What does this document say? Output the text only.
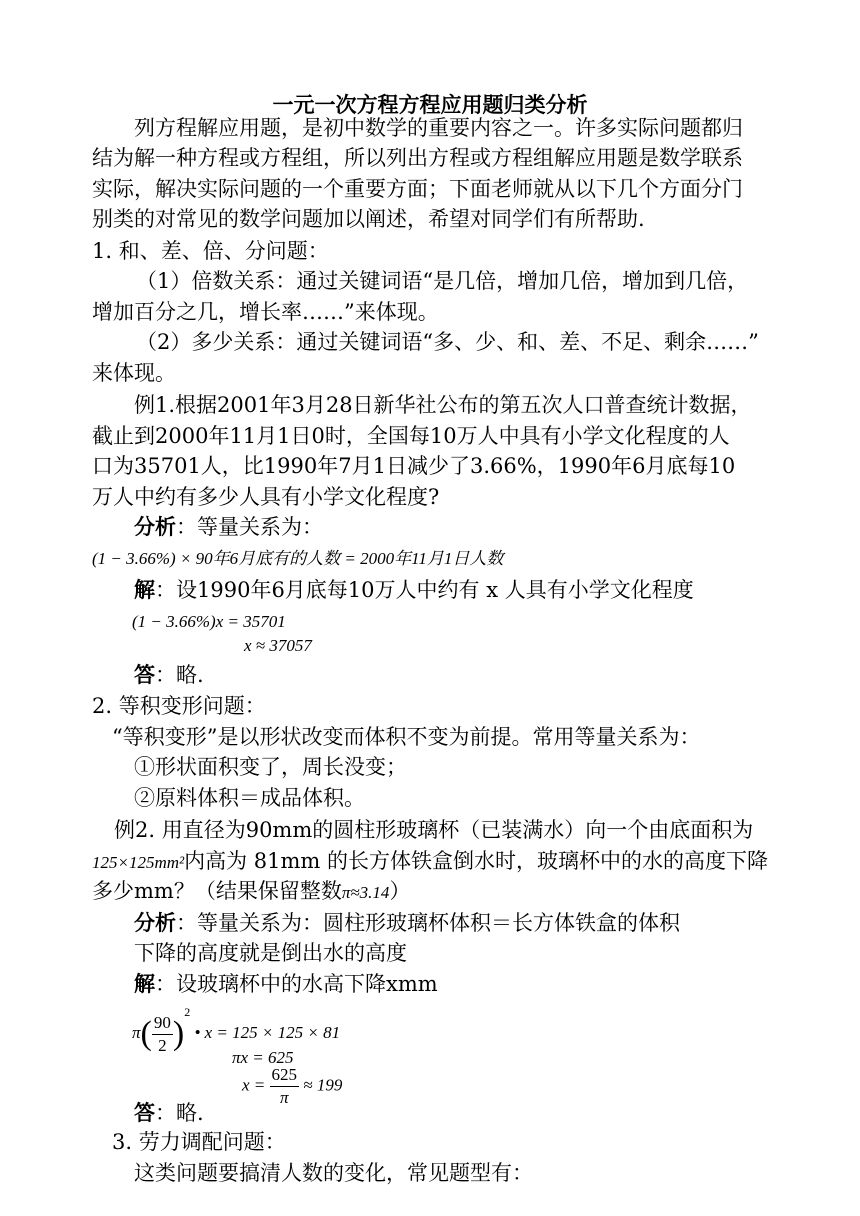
一元一次方程方程应用题归类分析
列方程解应用题，是初中数学的重要内容之一。许多实际问题都归
结为解一种方程或方程组，所以列出方程或方程组解应用题是数学联系
实际，解决实际问题的一个重要方面；下面老师就从以下几个方面分门
别类的对常见的数学问题加以阐述，希望对同学们有所帮助.
1. 和、差、倍、分问题：
（1）倍数关系：通过关键词语“是几倍，增加几倍，增加到几倍，
增加百分之几，增长率……”来体现。
（2）多少关系：通过关键词语“多、少、和、差、不足、剩余……”
来体现。
例1.根据2001年3月28日新华社公布的第五次人口普查统计数据，
截止到2000年11月1日0时，全国每10万人中具有小学文化程度的人
口为35701人，比1990年7月1日减少了3.66%，1990年6月底每10
万人中约有多少人具有小学文化程度?
分析：等量关系为：
(1 − 3.66%) × 90年6月底有的人数 = 2000年11月1日人数
解：设1990年6月底每10万人中约有 x 人具有小学文化程度
(1 − 3.66%)x = 35701
x ≈ 37057
答：略.
2. 等积变形问题：
“等积变形”是以形状改变而体积不变为前提。常用等量关系为：
①形状面积变了，周长没变；
②原料体积＝成品体积。
例2. 用直径为90mm的圆柱形玻璃杯（已装满水）向一个由底面积为
125×125mm²内高为 81mm 的长方体铁盒倒水时，玻璃杯中的水的高度下降
多少mm？（结果保留整数π≈3.14）
分析：等量关系为：圆柱形玻璃杯体积＝长方体铁盒的体积
下降的高度就是倒出水的高度
解：设玻璃杯中的水高下降xmm
$\pi( \frac{90}{2} )^2$ • x = 125 × 125 × 81
πx = 625
$x = \frac{625}{\pi} \approx 199$
答：略.
3. 劳力调配问题：
这类问题要搞清人数的变化，常见题型有：
